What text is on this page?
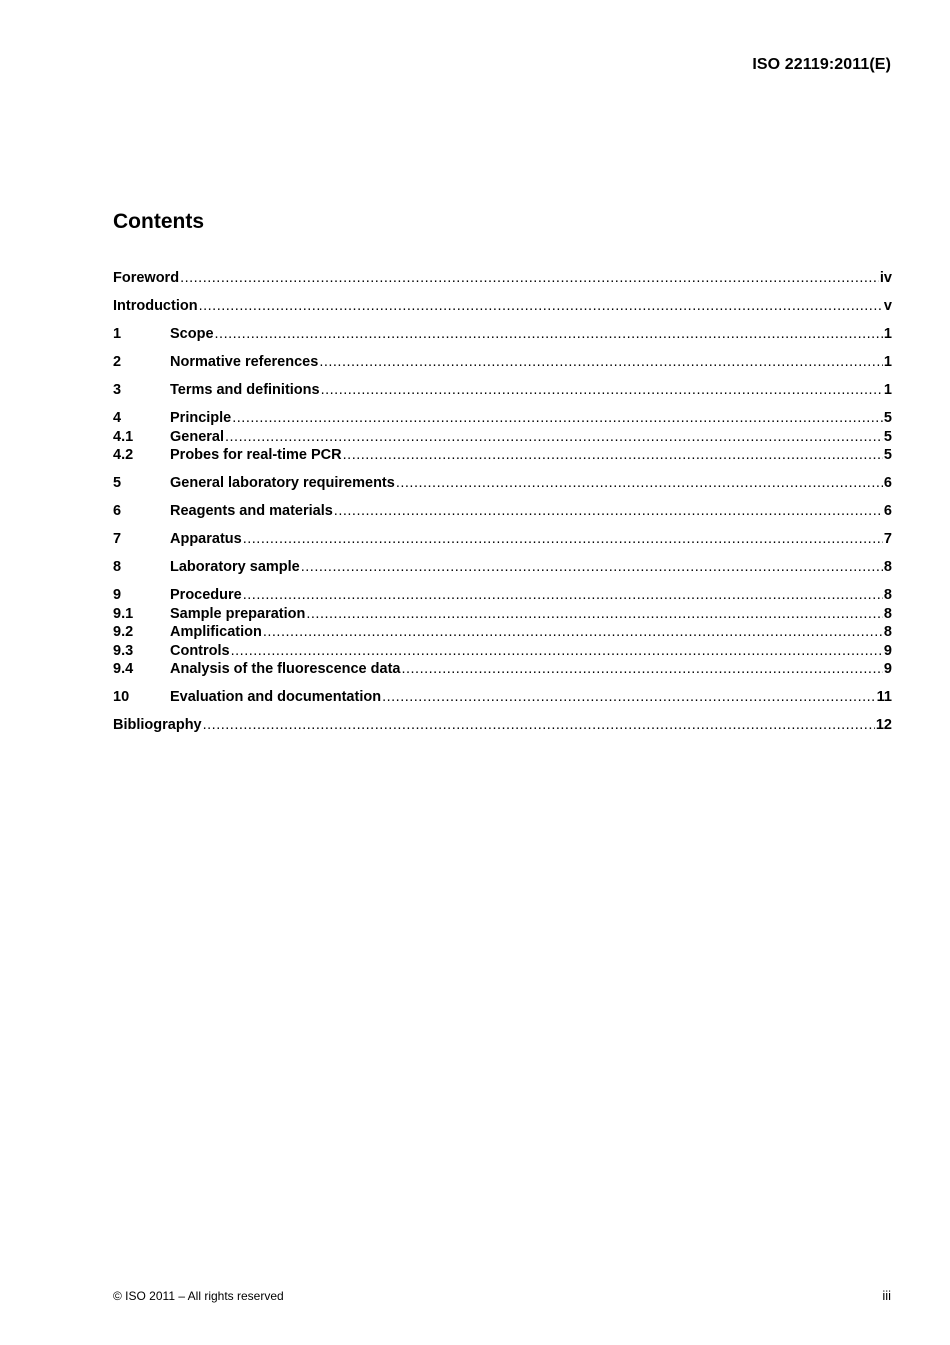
ISO 22119:2011(E)
Contents
Foreword .....	iv
Introduction .....	v
1	Scope .....	1
2	Normative references .....	1
3	Terms and definitions .....	1
4	Principle .....	5
4.1	General .....	5
4.2	Probes for real-time PCR .....	5
5	General laboratory requirements .....	6
6	Reagents and materials .....	6
7	Apparatus .....	7
8	Laboratory sample .....	8
9	Procedure .....	8
9.1	Sample preparation .....	8
9.2	Amplification .....	8
9.3	Controls .....	9
9.4	Analysis of the fluorescence data .....	9
10	Evaluation and documentation .....	11
Bibliography .....	12
© ISO 2011 – All rights reserved	iii
